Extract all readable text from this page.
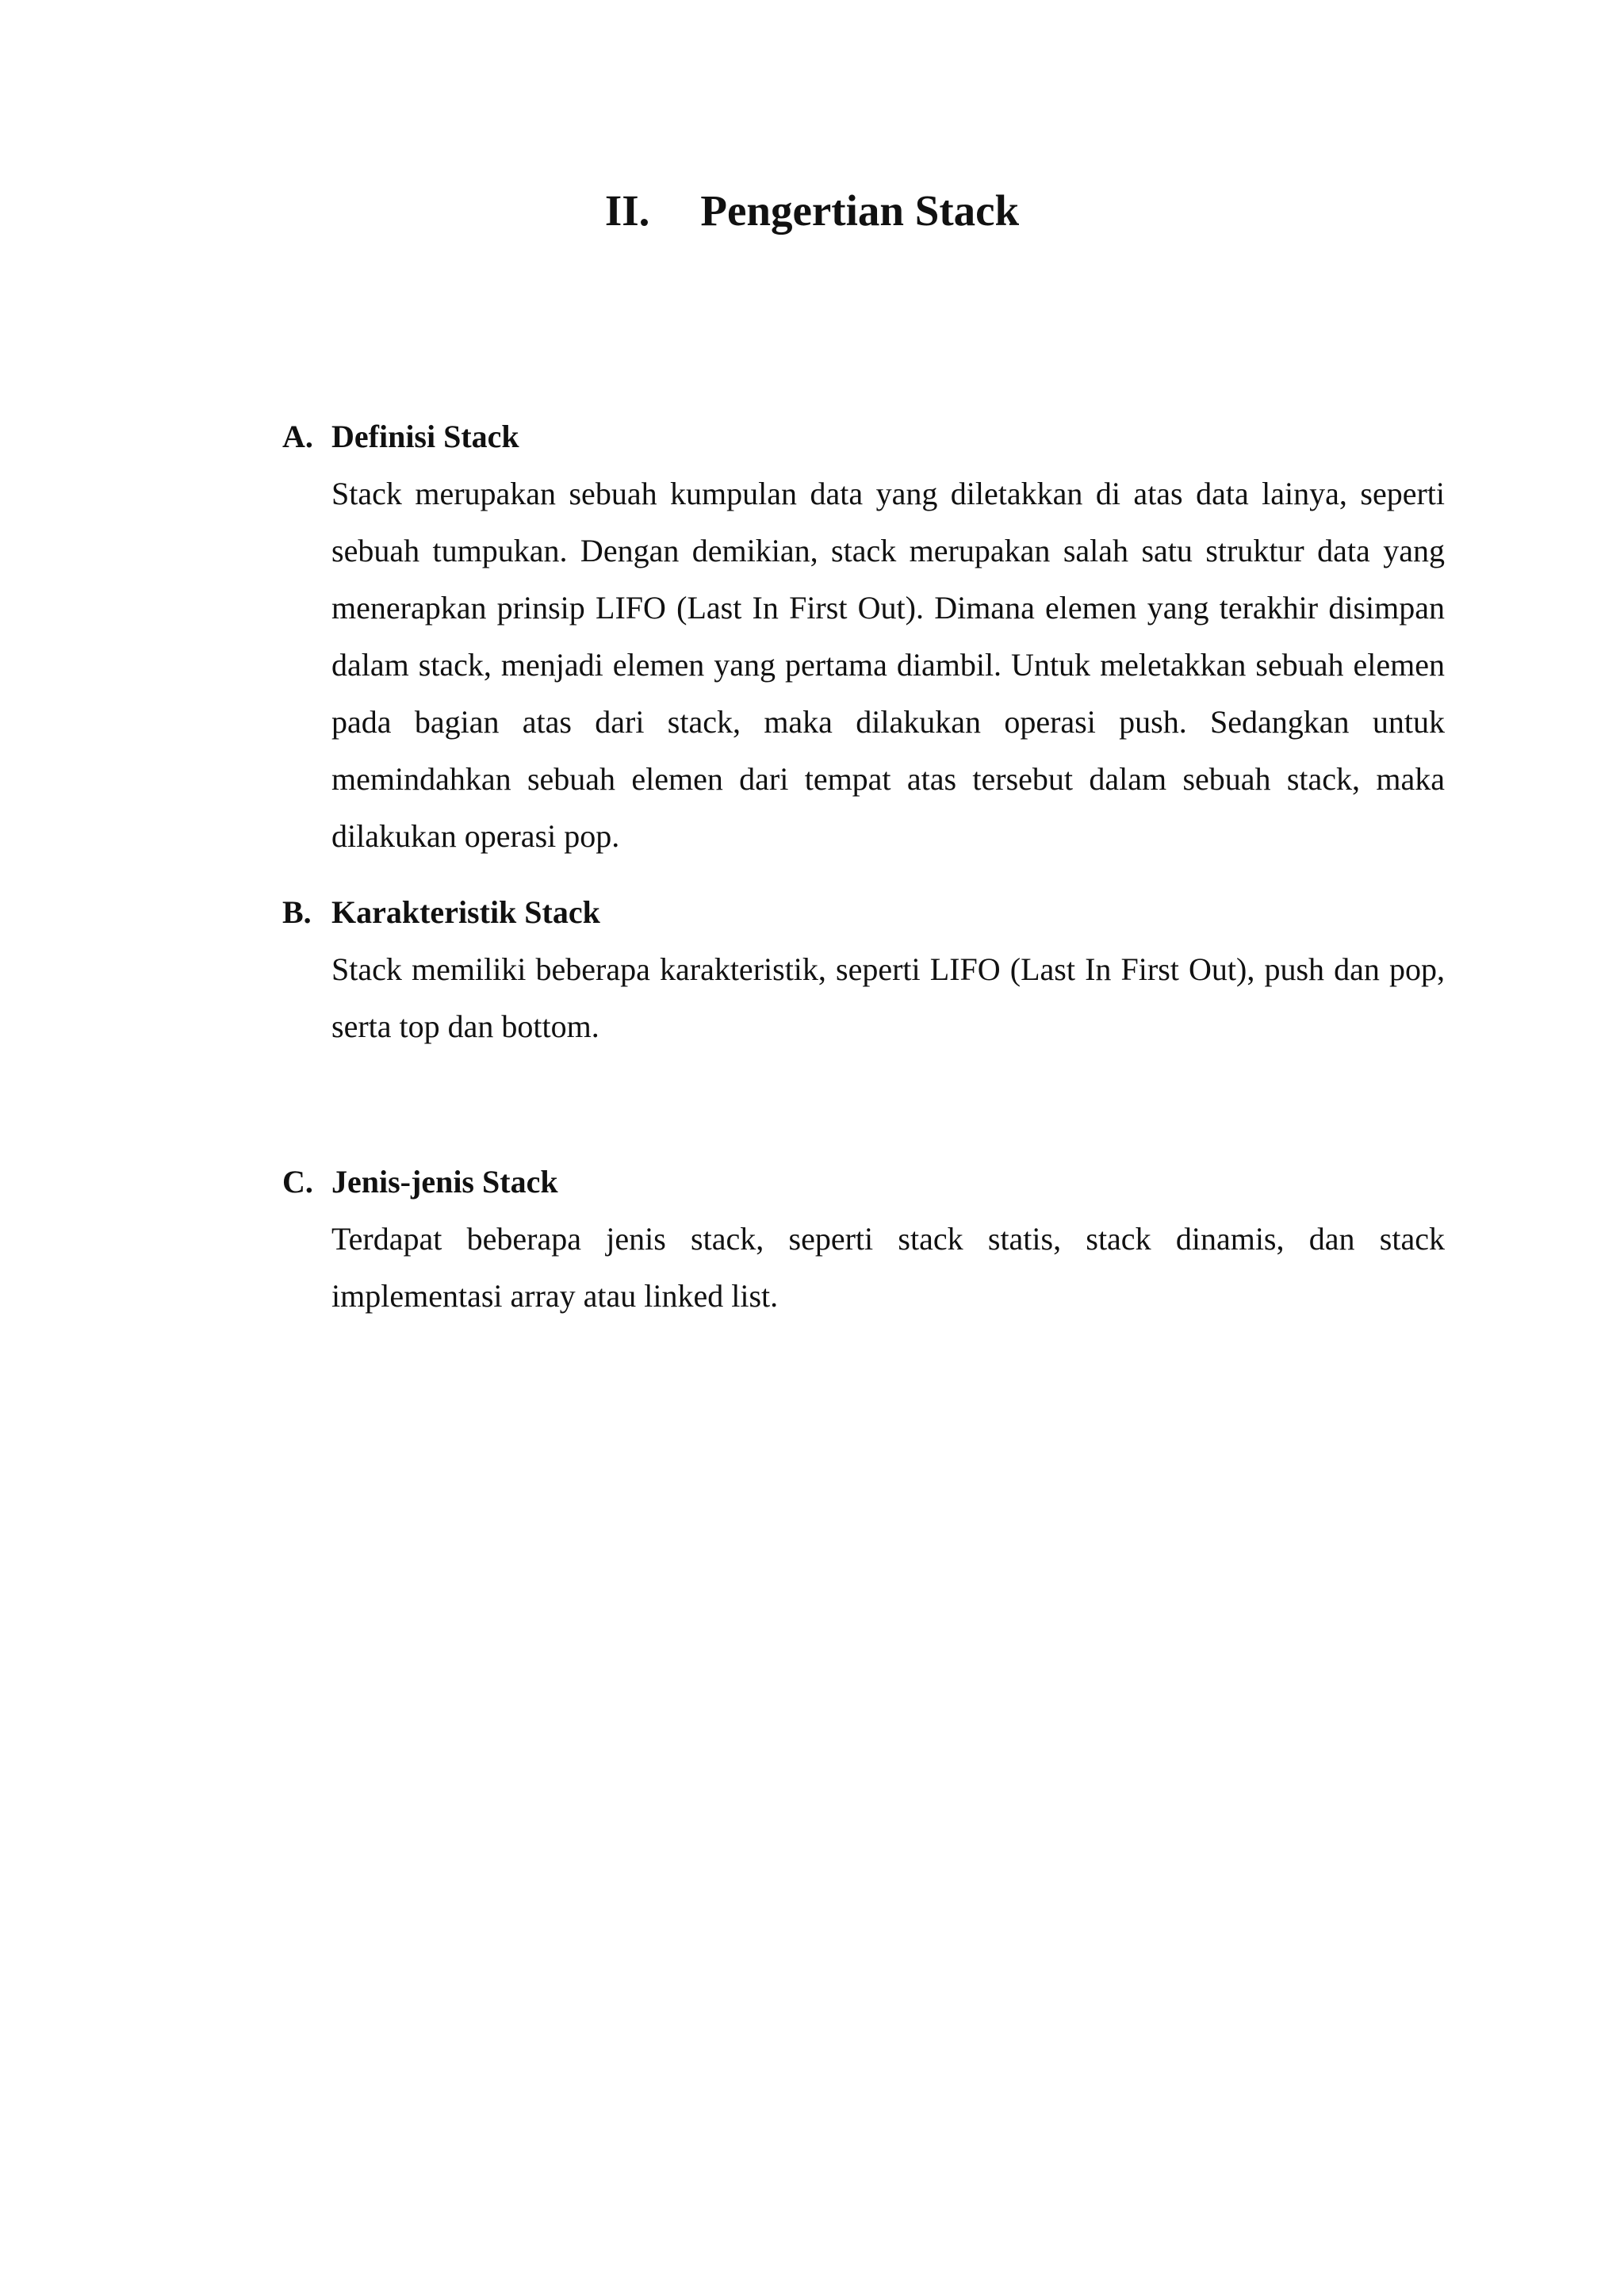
II. Pengertian Stack
A. Definisi Stack

Stack merupakan sebuah kumpulan data yang diletakkan di atas data lainya, seperti sebuah tumpukan. Dengan demikian, stack merupakan salah satu struktur data yang menerapkan prinsip LIFO (Last In First Out). Dimana elemen yang terakhir disimpan dalam stack, menjadi elemen yang pertama diambil. Untuk meletakkan sebuah elemen pada bagian atas dari stack, maka dilakukan operasi push. Sedangkan untuk memindahkan sebuah elemen dari tempat atas tersebut dalam sebuah stack, maka dilakukan operasi pop.

B. Karakteristik Stack

Stack memiliki beberapa karakteristik, seperti LIFO (Last In First Out), push dan pop, serta top dan bottom.

C. Jenis-jenis Stack

Terdapat beberapa jenis stack, seperti stack statis, stack dinamis, dan stack implementasi array atau linked list.
